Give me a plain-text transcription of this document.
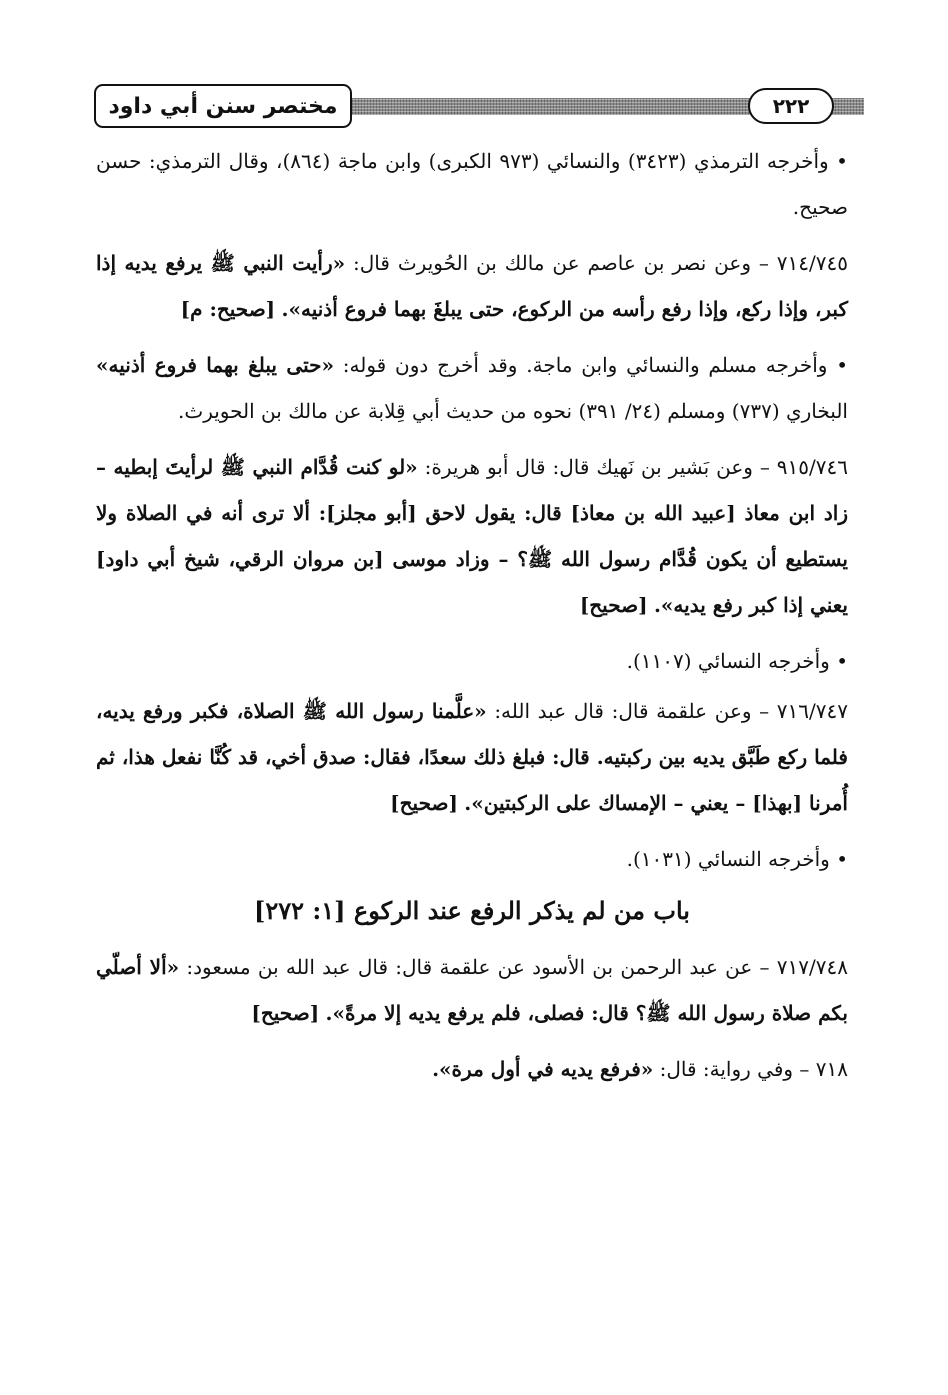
مختصر سنن أبي داود	٢٢٢

• وأخرجه الترمذي (٣٤٢٣) والنسائي (٩٧٣ الكبرى) وابن ماجة (٨٦٤)، وقال الترمذي: حسن صحيح.

٧١٤/٧٤٥ – وعن نصر بن عاصم عن مالك بن الحُويرث قال: «رأيت النبي ﷺ يرفع يديه إذا كبر، وإذا ركع، وإذا رفع رأسه من الركوع، حتى يبلغَ بهما فروع أذنيه». [صحيح: م]

• وأخرجه مسلم والنسائي وابن ماجة. وقد أخرج دون قوله: «حتى يبلغ بهما فروع أذنيه» البخاري (٧٣٧) ومسلم (٢٤/ ٣٩١) نحوه من حديث أبي قِلابة عن مالك بن الحويرث.

٩١٥/٧٤٦ – وعن بَشير بن نَهيك قال: قال أبو هريرة: «لو كنت قُدَّام النبي ﷺ لرأيتَ إبطيه – زاد ابن معاذ [عبيد الله بن معاذ] قال: يقول لاحق [أبو مجلز]: ألا ترى أنه في الصلاة ولا يستطيع أن يكون قُدَّام رسول الله ﷺ؟ – وزاد موسى [بن مروان الرقي، شيخ أبي داود] يعني إذا كبر رفع يديه». [صحيح]

• وأخرجه النسائي (١١٠٧).

٧١٦/٧٤٧ – وعن علقمة قال: قال عبد الله: «علَّمنا رسول الله ﷺ الصلاة، فكبر ورفع يديه، فلما ركع طَبَّق يديه بين ركبتيه. قال: فبلغ ذلك سعدًا، فقال: صدق أخي، قد كُنَّا نفعل هذا، ثم أُمرنا [بهذا] – يعني – الإمساك على الركبتين». [صحيح]

• وأخرجه النسائي (١٠٣١).

باب من لم يذكر الرفع عند الركوع [١: ٢٧٢]

٧١٧/٧٤٨ – عن عبد الرحمن بن الأسود عن علقمة قال: قال عبد الله بن مسعود: «ألا أصلّي بكم صلاة رسول الله ﷺ؟ قال: فصلى، فلم يرفع يديه إلا مرةً». [صحيح]

٧١٨ – وفي رواية: قال: «فرفع يديه في أول مرة».
